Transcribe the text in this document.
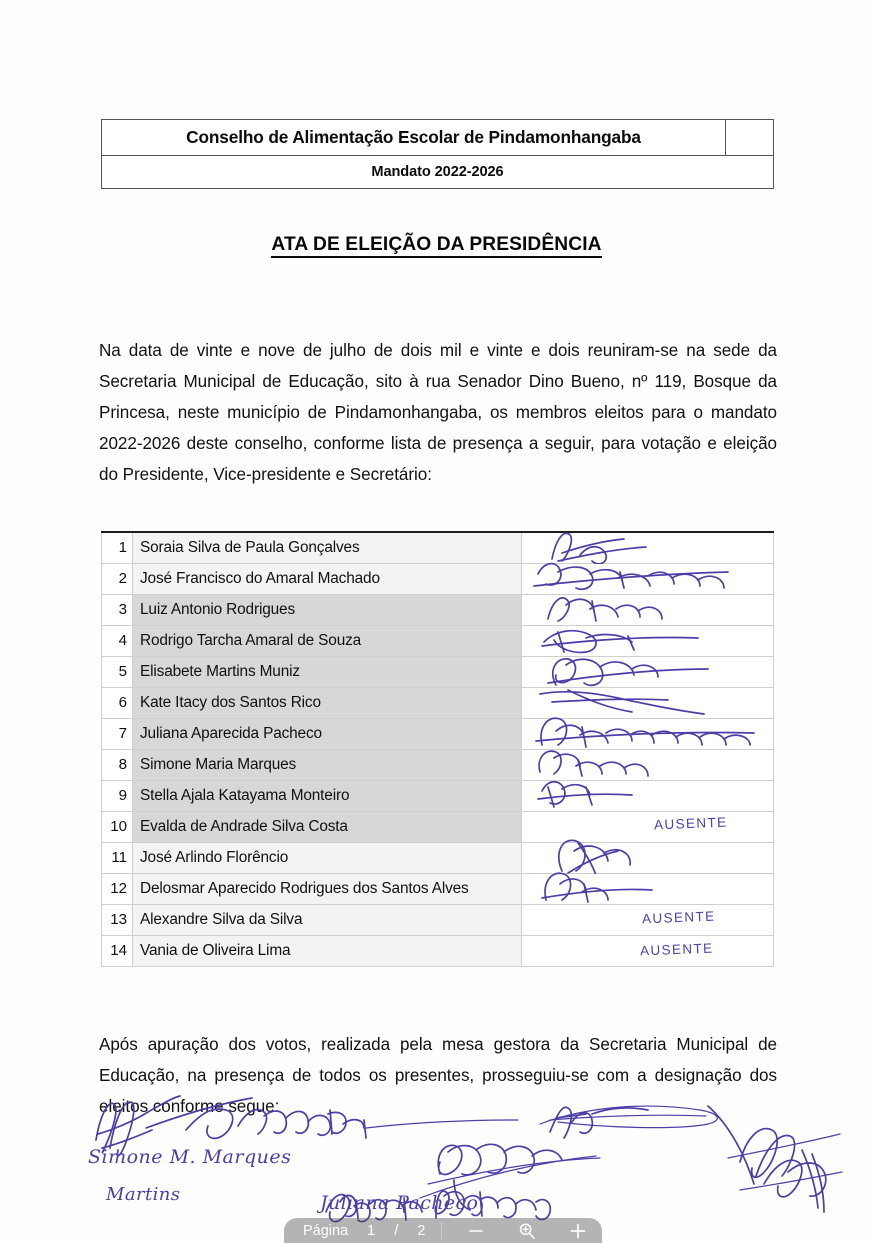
Conselho de Alimentação Escolar de Pindamonhangaba	
Mandato 2022-2026
ATA DE ELEIÇÃO DA PRESIDÊNCIA

Na data de vinte e nove de julho de dois mil e vinte e dois reuniram-se na sede da Secretaria Municipal de Educação, sito à rua Senador Dino Bueno, nº 119, Bosque da Princesa, neste município de Pindamonhangaba, os membros eleitos para o mandato 2022-2026 deste conselho, conforme lista de presença a seguir, para votação e eleição do Presidente, Vice-presidente e Secretário:

1	Soraia Silva de Paula Gonçalves	

2	José Francisco do Amaral Machado	

3	Luiz Antonio Rodrigues	

4	Rodrigo Tarcha Amaral de Souza	

5	Elisabete Martins Muniz	

6	Kate Itacy dos Santos Rico	

7	Juliana Aparecida Pacheco	

8	Simone Maria Marques	

9	Stella Ajala Katayama Monteiro	

10	Evalda de Andrade Silva Costa	AUSENTE

11	José Arlindo Florêncio	

12	Delosmar Aparecido Rodrigues dos Santos Alves	

13	Alexandre Silva da Silva	AUSENTE

14	Vania de Oliveira Lima	AUSENTE

Após apuração dos votos, realizada pela mesa gestora da Secretaria Municipal de Educação, na presença de todos os presentes, prosseguiu-se com a designação dos eleitos conforme segue:

Simone M. Marques
Juliana Pacheco
Martins
Página 1 / 2
